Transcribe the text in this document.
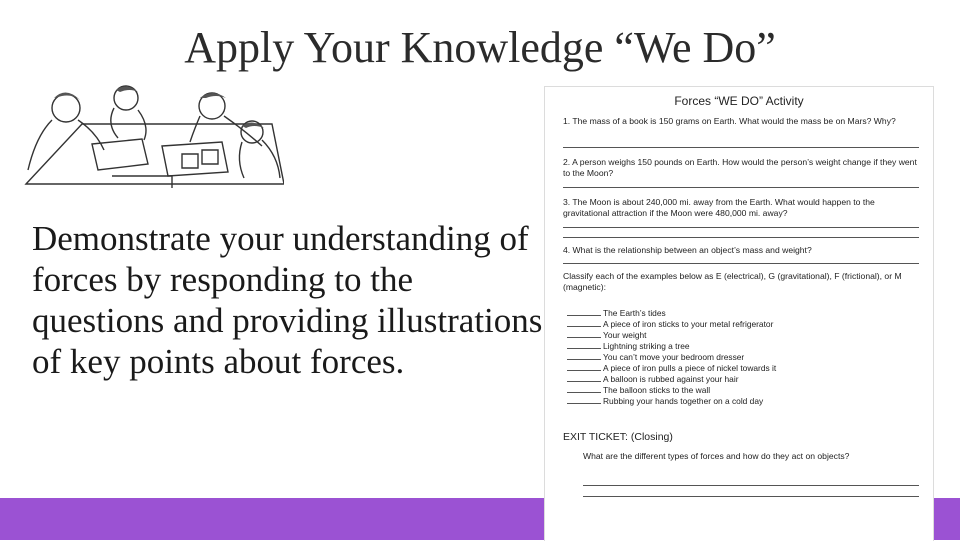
Apply Your Knowledge “We Do”
Demonstrate your understanding of forces by responding to the questions and providing illustrations of key points about forces.
Forces “WE DO” Activity
1. The mass of a book is 150 grams on Earth. What would the mass be on Mars? Why?
2. A person weighs 150 pounds on Earth. How would the person’s weight change if they went to the Moon?
3. The Moon is about 240,000 mi. away from the Earth. What would happen to the gravitational attraction if the Moon were 480,000 mi. away?
4. What is the relationship between an object’s mass and weight?
Classify each of the examples below as E (electrical), G (gravitational), F (frictional), or M (magnetic):
The Earth’s tides
A piece of iron sticks to your metal refrigerator
Your weight
Lightning striking a tree
You can’t move your bedroom dresser
A piece of iron pulls a piece of nickel towards it
A balloon is rubbed against your hair
The balloon sticks to the wall
Rubbing your hands together on a cold day
EXIT TICKET: (Closing)
What are the different types of forces and how do they act on objects?
